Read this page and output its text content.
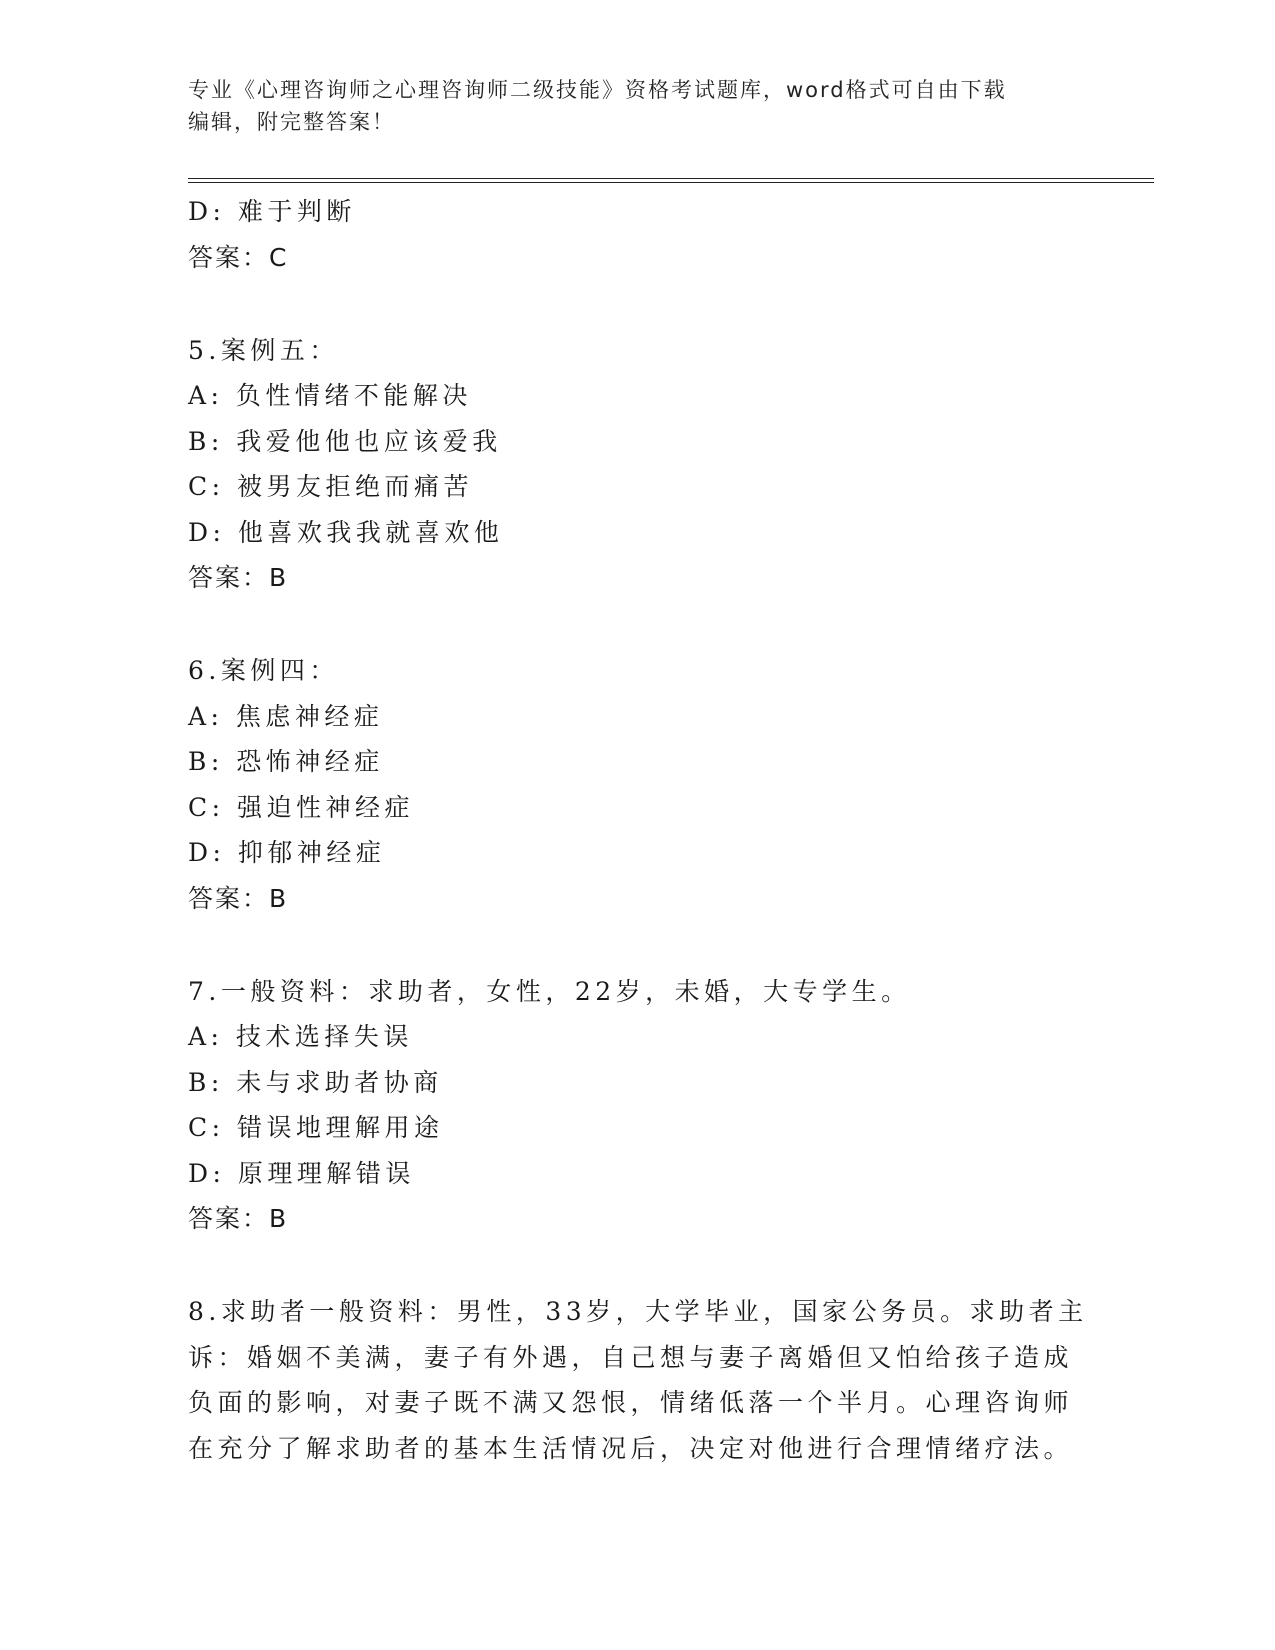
专业《心理咨询师之心理咨询师二级技能》资格考试题库，word格式可自由下载
编辑，附完整答案！
D: 难于判断
答案：C
5.案例五：
A: 负性情绪不能解决
B: 我爱他他也应该爱我
C: 被男友拒绝而痛苦
D: 他喜欢我我就喜欢他
答案：B
6.案例四：
A: 焦虑神经症
B: 恐怖神经症
C: 强迫性神经症
D: 抑郁神经症
答案：B
7.一般资料：求助者，女性，22岁，未婚，大专学生。
A: 技术选择失误
B: 未与求助者协商
C: 错误地理解用途
D: 原理理解错误
答案：B
8.求助者一般资料：男性，33岁，大学毕业，国家公务员。求助者主
诉：婚姻不美满，妻子有外遇，自己想与妻子离婚但又怕给孩子造成
负面的影响，对妻子既不满又怨恨，情绪低落一个半月。心理咨询师
在充分了解求助者的基本生活情况后，决定对他进行合理情绪疗法。
